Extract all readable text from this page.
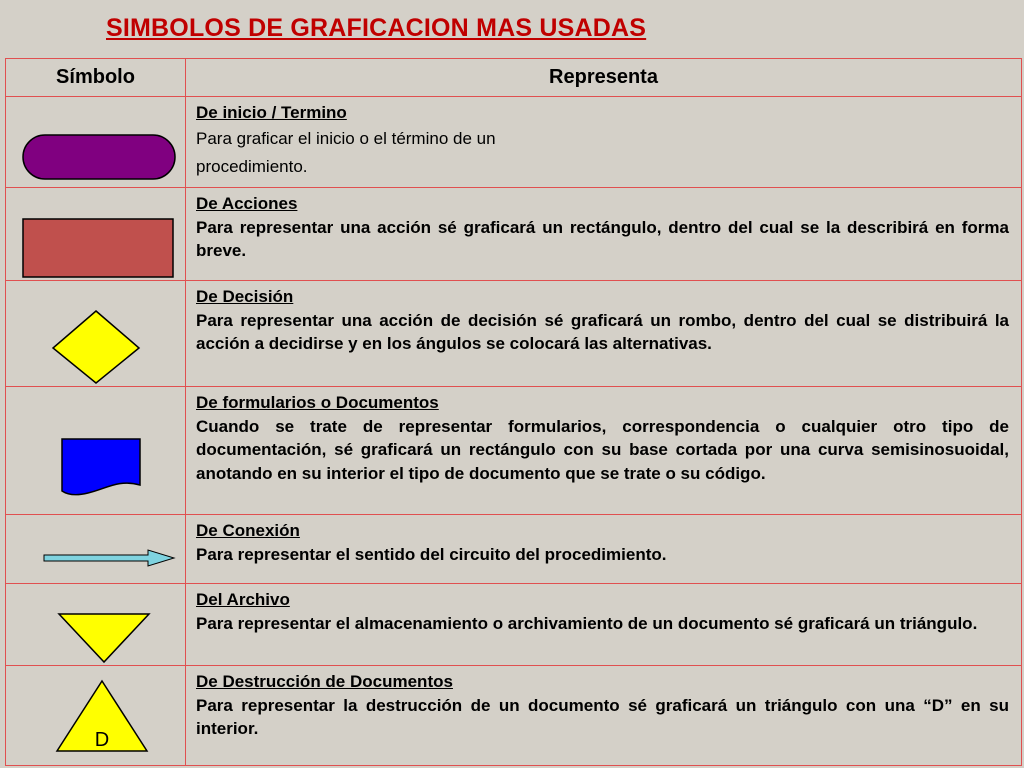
SIMBOLOS DE GRAFICACION MAS USADAS
Símbolo	Representa

De inicio / Termino
Para graficar el inicio o el término de un procedimiento.

De Acciones
Para representar una acción sé graficará un rectángulo, dentro del cual se la describirá en forma breve.

De Decisión
Para representar una acción de decisión sé graficará un rombo, dentro del cual se distribuirá la acción a decidirse y en los ángulos se colocará las alternativas.

De formularios o Documentos
Cuando se trate de representar formularios, correspondencia o cualquier otro tipo de documentación, sé graficará un rectángulo con su base cortada por una curva semisinosuoidal, anotando en su interior el tipo de documento que se trate o su código.

De Conexión
Para representar el sentido del circuito del procedimiento.

Del Archivo
Para representar el almacenamiento o archivamiento de un documento sé graficará un triángulo.

D	De Destrucción de Documentos
Para representar la destrucción de un documento sé graficará un triángulo con una “D” en su interior.
